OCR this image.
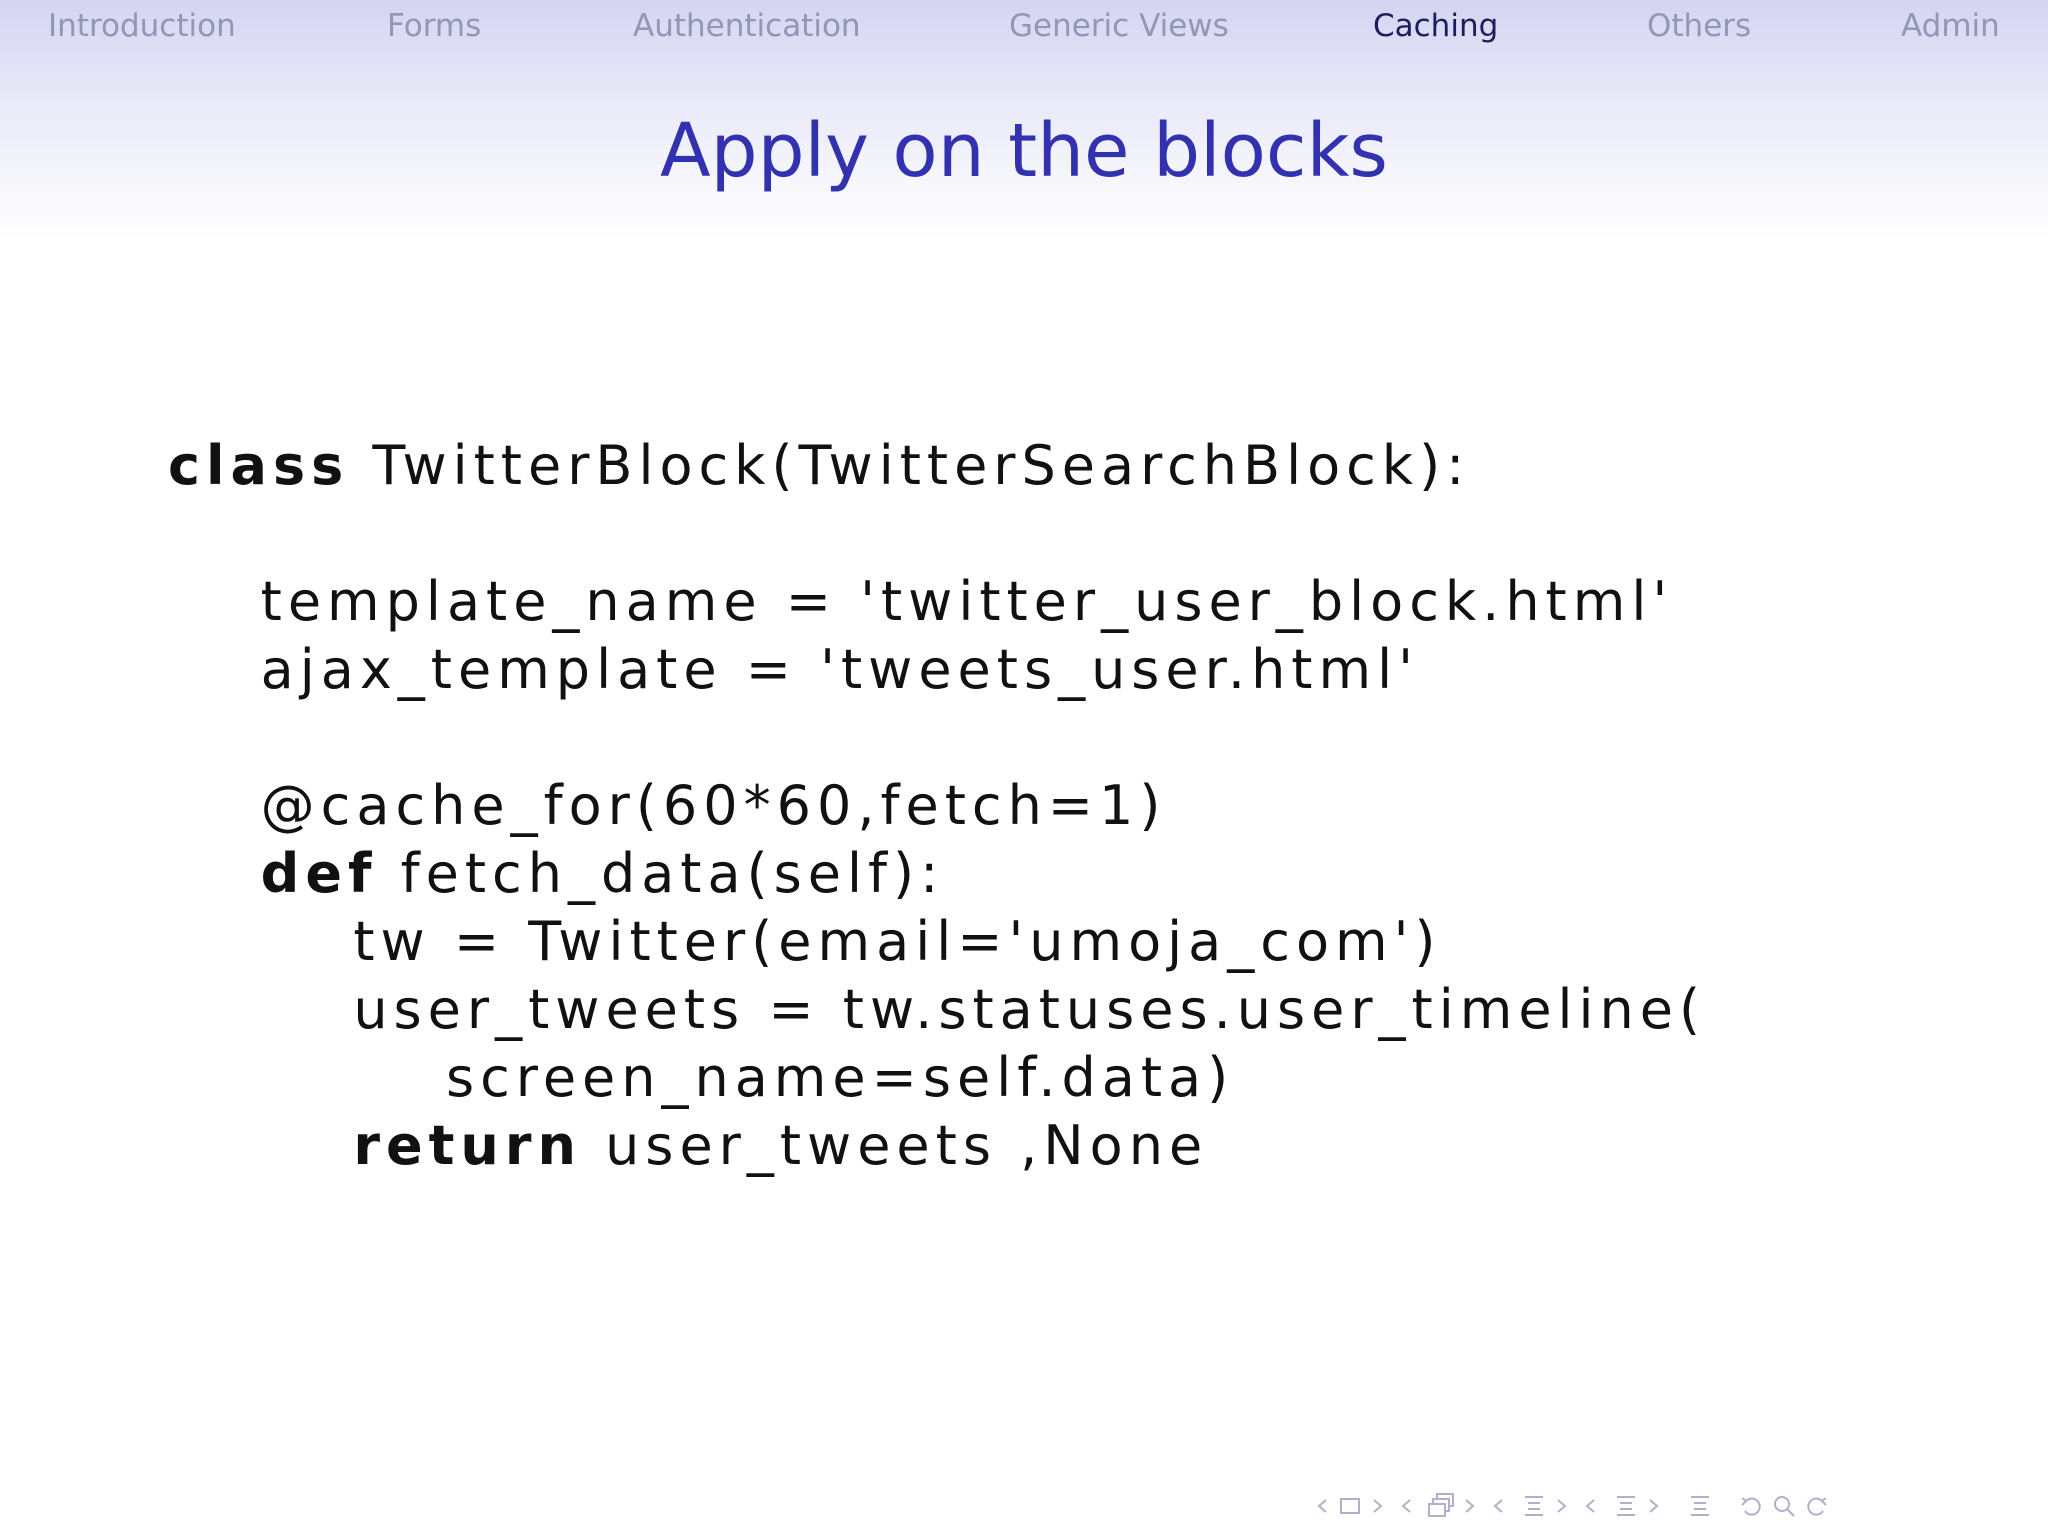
Introduction	Forms	Authentication	Generic Views	Caching	Others	Admin
Apply on the blocks
class TwitterBlock(TwitterSearchBlock):
template_name = 'twitter_user_block.html'
ajax_template = 'tweets_user.html'
@cache_for(60*60,fetch=1)
def fetch_data(self):
tw = Twitter(email='umoja_com')
user_tweets = tw.statuses.user_timeline(
screen_name=self.data)
return user_tweets ,None
